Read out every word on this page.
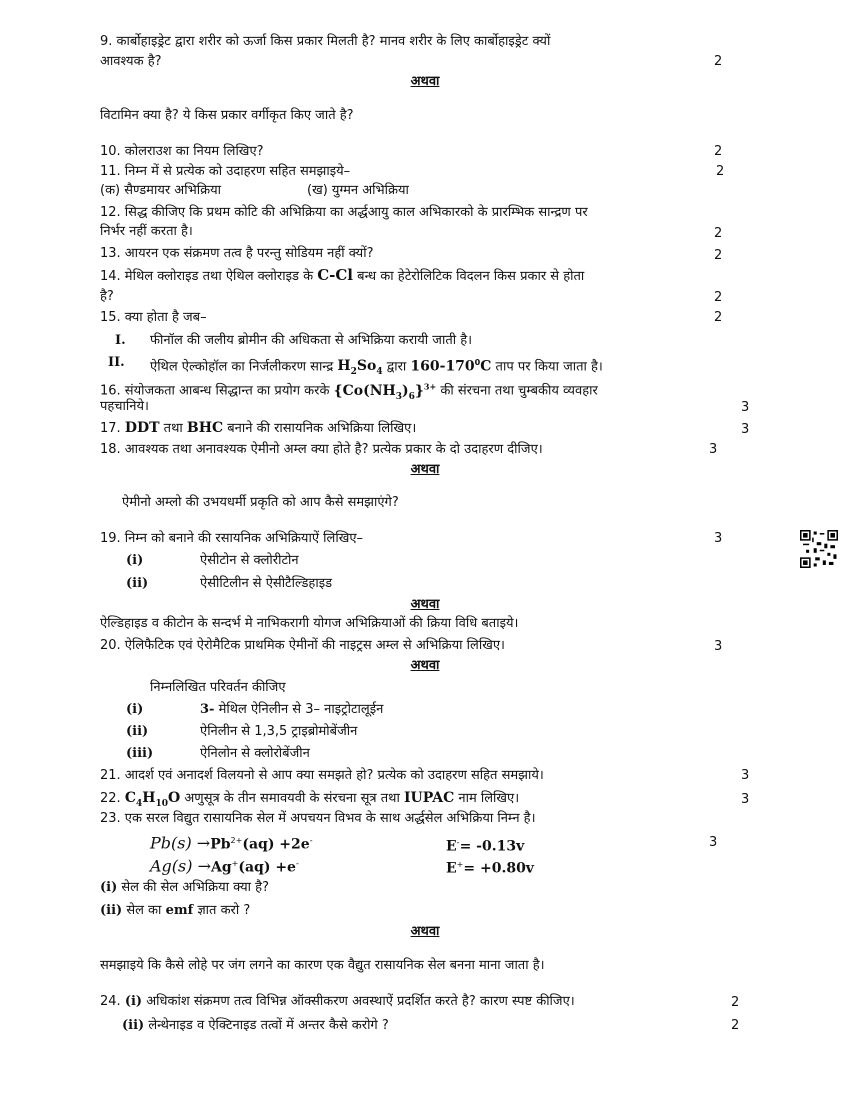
9. कार्बोहाइड्रेट द्वारा शरीर को ऊर्जा किस प्रकार मिलती है? मानव शरीर के लिए कार्बोहाइड्रेट क्यों
आवश्यक है?	2
अथवा
विटामिन क्या है? ये किस प्रकार वर्गीकृत किए जाते है?
10. कोलराउश का नियम लिखिए?	2
11. निम्न में से प्रत्येक को उदाहरण सहित समझाइये–	2
(क) सैण्डमायर अभिक्रिया	(ख) युग्मन अभिक्रिया
12. सिद्ध कीजिए कि प्रथम कोटि की अभिक्रिया का अर्द्धआयु काल अभिकारको के प्रारम्भिक सान्द्रण पर
निर्भर नहीं करता है।	2
13. आयरन एक संक्रमण तत्व है परन्तु सोडियम नहीं क्यों?	2
14. मेथिल क्लोराइड तथा ऐथिल क्लोराइड के C-Cl बन्ध का हेटेरोलिटिक विदलन किस प्रकार से होता
है?	2
15. क्या होता है जब–	2
I. फीनॉल की जलीय ब्रोमीन की अधिकता से अभिक्रिया करायी जाती है।
II. ऐथिल ऐल्कोहॉल का निर्जलीकरण सान्द्र $H_2So_4$ द्वारा $160-170^0C$ ताप पर किया जाता है।
16. संयोजकता आबन्ध सिद्धान्त का प्रयोग करके $\{Co(NH_3)_6\}^{3+}$ की संरचना तथा चुम्बकीय व्यवहार
पहचानिये।	3
17. DDT तथा BHC बनाने की रासायनिक अभिक्रिया लिखिए।	3
18. आवश्यक तथा अनावश्यक ऐमीनो अम्ल क्या होते है? प्रत्येक प्रकार के दो उदाहरण दीजिए।	3
अथवा
ऐमीनो अम्लो की उभयधर्मी प्रकृति को आप कैसे समझाएंगे?
19. निम्न को बनाने की रसायनिक अभिक्रियाऐं लिखिए–	3
(i)	ऐसीटोन से क्लोरीटोन
(ii)	ऐसीटिलीन से ऐसीटैल्डिहाइड
अथवा
ऐल्डिहाइड व कीटोन के सन्दर्भ मे नाभिकरागी योगज अभिक्रियाओं की क्रिया विधि बताइये।
20. ऐलिफैटिक एवं ऐरोमैटिक प्राथमिक ऐमीनों की नाइट्रस अम्ल से अभिक्रिया लिखिए।	3
अथवा
निम्नलिखित परिवर्तन कीजिए
(i)	3- मेथिल ऐनिलीन से 3– नाइट्रोटालूईन
(ii)	ऐनिलीन से 1,3,5 ट्राइब्रोमोबेंजीन
(iii)	ऐनिलोन से क्लोरोबेंजीन
21. आदर्श एवं अनादर्श विलयनो से आप क्या समझते हो? प्रत्येक को उदाहरण सहित समझाये।	3
22. $C_4H_{10}O$ अणुसूत्र के तीन समावयवी के संरचना सूत्र तथा IUPAC नाम लिखिए।	3
23. एक सरल विद्युत रासायनिक सेल में अपचयन विभव के साथ अर्द्धसेल अभिक्रिया निम्न है।
3
$Pb(s) \to Pb^{2+}(aq) +2e^-$	E-= -0.13v
Ag(s) →Ag+(aq) +e-	E+= +0.80v
(i) सेल की सेल अभिक्रिया क्या है?
(ii) सेल का emf ज्ञात करो ?
अथवा
समझाइये कि कैसे लोहे पर जंग लगने का कारण एक वैद्युत रासायनिक सेल बनना माना जाता है।
24. (i) अधिकांश संक्रमण तत्व विभिन्न ऑक्सीकरण अवस्थाऐं प्रदर्शित करते है? कारण स्पष्ट कीजिए।	2
(ii) लेन्थेनाइड व ऐक्टिनाइड तत्वों में अन्तर कैसे करोगे ?	2
